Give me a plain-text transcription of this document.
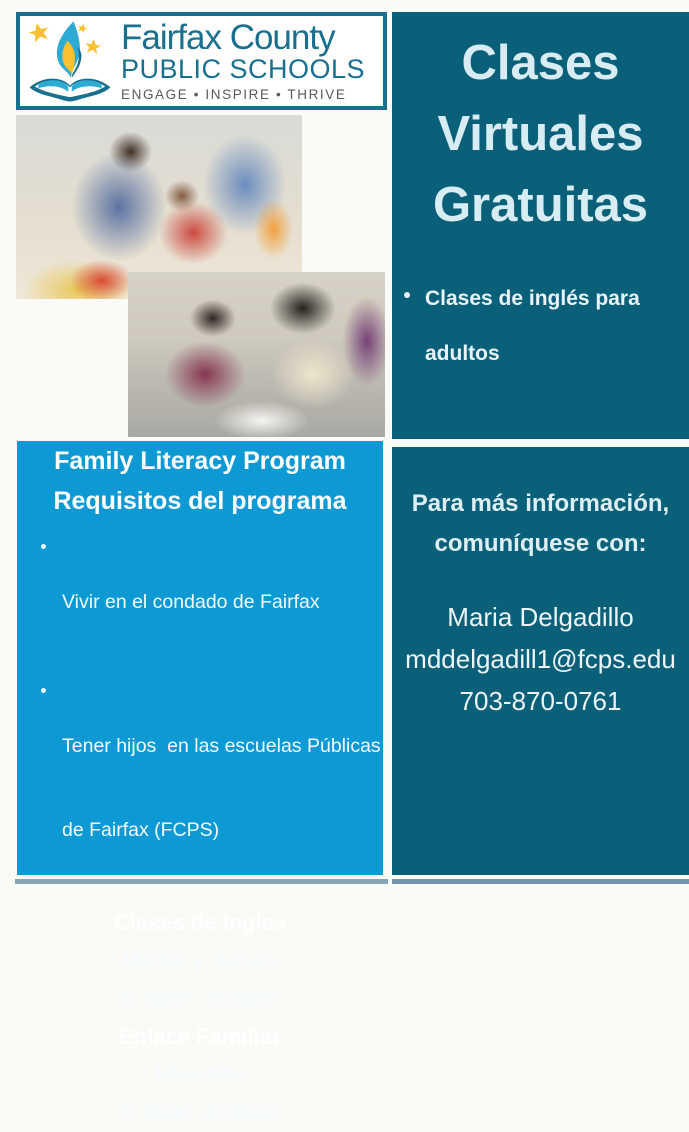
Fairfax County
PUBLIC SCHOOLS
ENGAGE • INSPIRE • THRIVE
Clases
Virtuales
Gratuitas
Clases de inglés para
adultos
Family Literacy Program
Requisitos del programa

Vivir en el condado de Fairfax

Tener hijos  en las escuelas Públicas

de Fairfax (FCPS)

Clases de Ingles
Martes y Jueves
6:30pm– 8:00pm
Enlace Familiar
Miercoles
6:30pm –8:00pm
Para más información,
comuníquese con:
Maria Delgadillo
mddelgadill1@fcps.edu
703-870-0761
